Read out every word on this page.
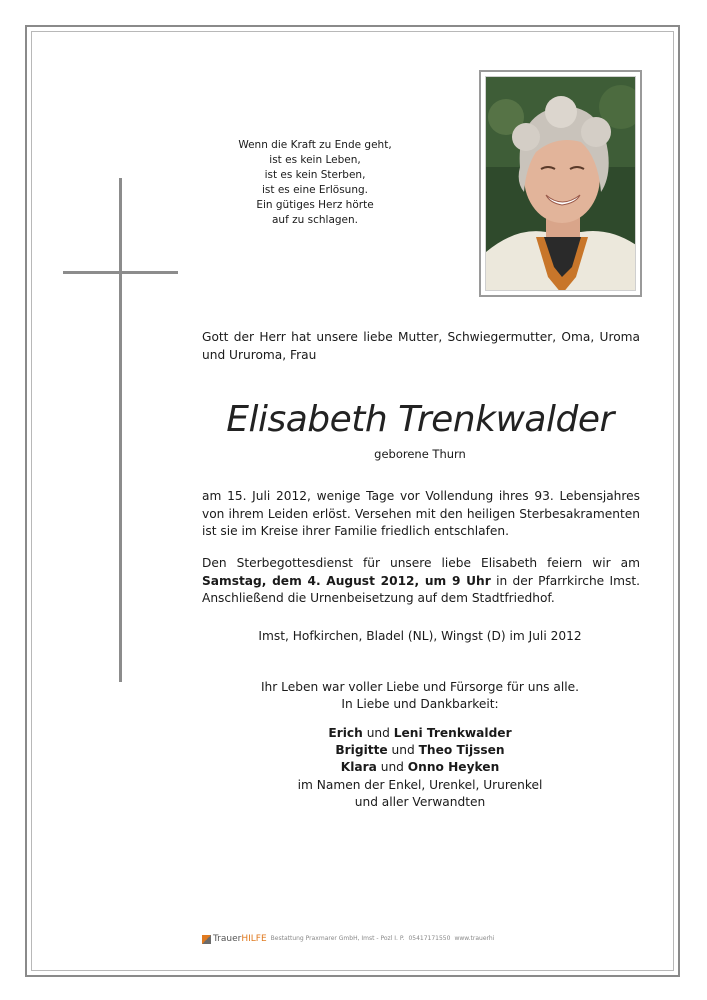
Wenn die Kraft zu Ende geht,
ist es kein Leben,
ist es kein Sterben,
ist es eine Erlösung.
Ein gütiges Herz hörte
auf zu schlagen.
Gott der Herr hat unsere liebe Mutter, Schwiegermutter, Oma, Uroma und Ururoma, Frau
Elisabeth Trenkwalder
geborene Thurn
am 15. Juli 2012, wenige Tage vor Vollendung ihres 93. Lebensjahres von ihrem Leiden erlöst. Versehen mit den heiligen Sterbesakramenten ist sie im Kreise ihrer Familie friedlich entschlafen.
Den Sterbegottesdienst für unsere liebe Elisabeth feiern wir am Samstag, dem 4. August 2012, um 9 Uhr in der Pfarrkirche Imst. Anschließend die Urnenbeisetzung auf dem Stadtfriedhof.
Imst, Hofkirchen, Bladel (NL), Wingst (D) im Juli 2012
Ihr Leben war voller Liebe und Fürsorge für uns alle.
In Liebe und Dankbarkeit:
Erich und Leni Trenkwalder
Brigitte und Theo Tijssen
Klara und Onno Heyken
im Namen der Enkel, Urenkel, Ururenkel
und aller Verwandten
TrauerHILFE Bestattung Praxmarer GmbH, Imst - Pozl I. P. 05417171550 www.trauerhi
